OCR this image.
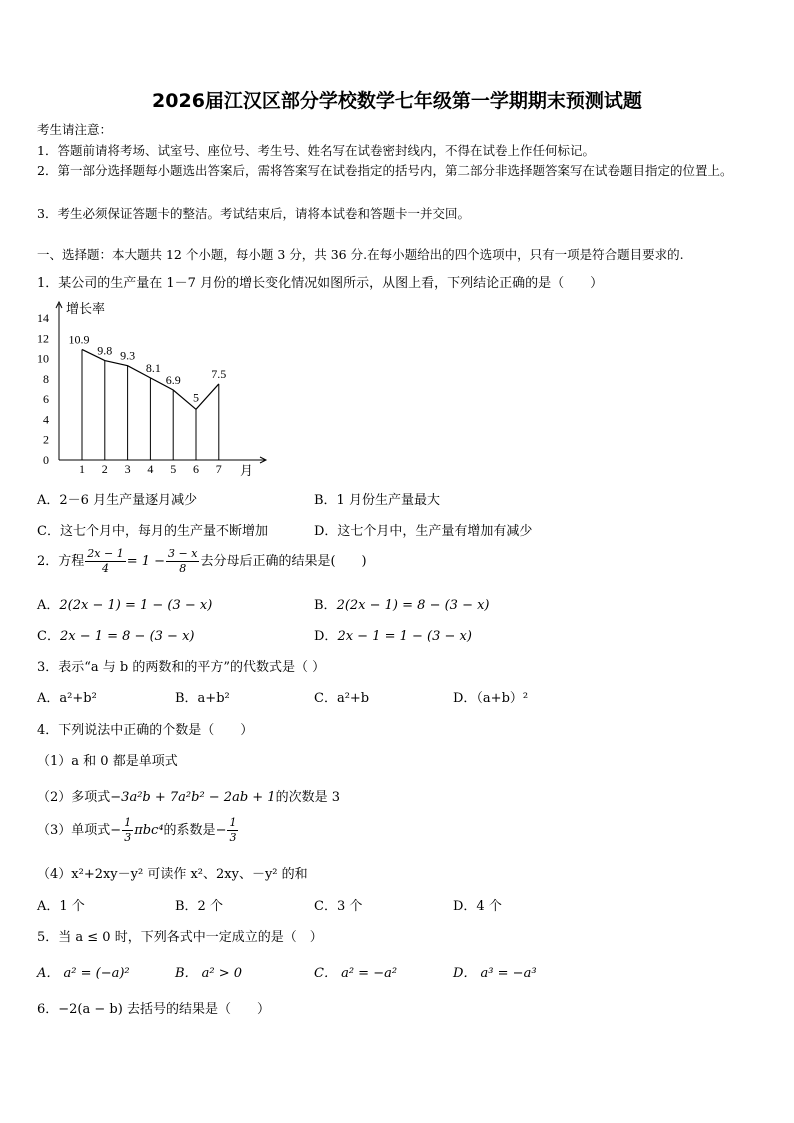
2026届江汉区部分学校数学七年级第一学期期末预测试题
考生请注意：
1．答题前请将考场、试室号、座位号、考生号、姓名写在试卷密封线内，不得在试卷上作任何标记。
2．第一部分选择题每小题选出答案后，需将答案写在试卷指定的括号内，第二部分非选择题答案写在试卷题目指定的位置上。
3．考生必须保证答题卡的整洁。考试结束后，请将本试卷和答题卡一并交回。
一、选择题：本大题共 12 个小题，每小题 3 分，共 36 分.在每小题给出的四个选项中，只有一项是符合题目要求的.
1．某公司的生产量在 1－7 月份的增长变化情况如图所示，从图上看，下列结论正确的是（　　）
增长率
月
0
2
4
6
8
10
12
14
1 2 3 4 5 6 7
10.9
9.8 9.3
8.1
6.9
5
7.5
A．2－6 月生产量逐月减少	B．1 月份生产量最大
C．这七个月中，每月的生产量不断增加	D．这七个月中，生产量有增加有减少
2．方程 $\frac{2x - 1}{4} = 1 - \frac{3 - x}{8}$ 去分母后正确的结果是(　　)
A．2(2x − 1) = 1 − (3 − x)	B．2(2x − 1) = 8 − (3 − x)
C．2x − 1 = 8 − (3 − x)	D．2x − 1 = 1 − (3 − x)
3．表示“a 与 b 的两数和的平方”的代数式是（ ）
A．a²+b²	B．a+b²	C．a²+b	D．（a+b）²
4．下列说法中正确的个数是（　　）
（1）a 和 0 都是单项式
（2）多项式−3a²b + 7a²b² − 2ab + 1的次数是 3
（3）单项式− $\frac{1}{3} \pi bc^4$的系数是− $\frac{1}{3}$
（4）x²+2xy－y² 可读作 x²、2xy、－y² 的和
A．1 个	B．2 个	C．3 个	D．4 个
5．当 a ≤ 0 时，下列各式中一定成立的是（　）
A． a² = (−a)²	B． a² > 0	C． a² = −a²	D． a³ = −a³
6．−2(a − b) 去括号的结果是（　　）
